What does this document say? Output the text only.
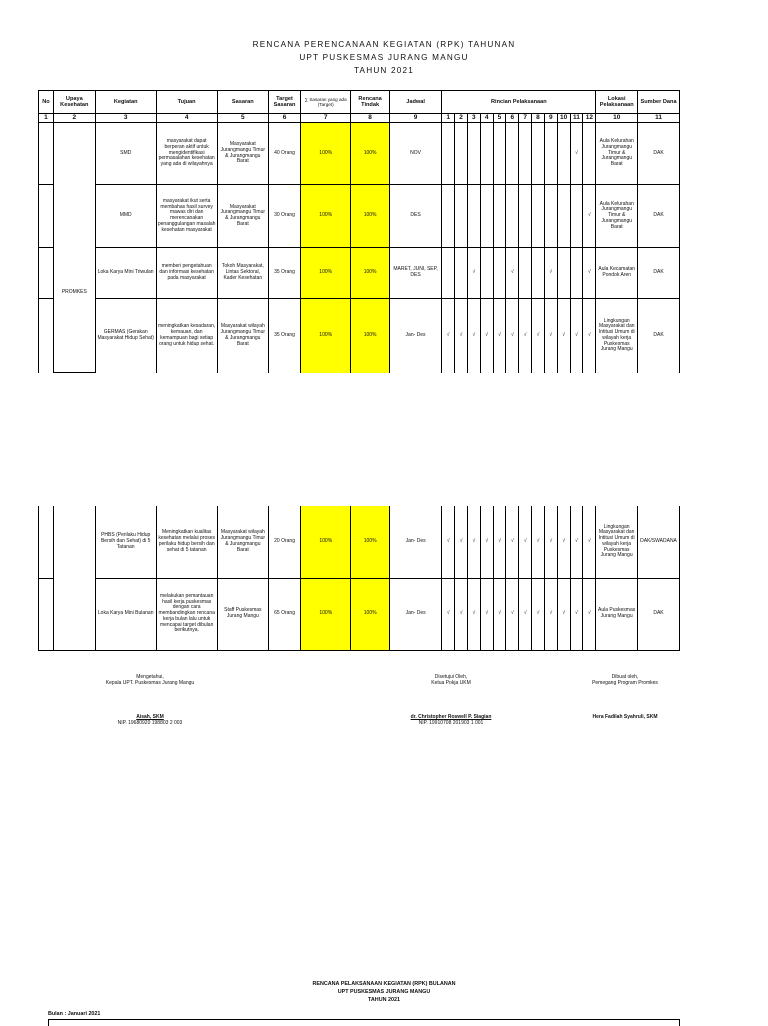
RENCANA PERENCANAAN KEGIATAN (RPK) TAHUNAN
UPT PUSKESMAS JURANG MANGU
TAHUN 2021
No	Upaya Kesehatan	Kegiatan	Tujuan	Sasaran	Target Sasaran	∑ Sasaran yang ada (Target)	Rencana Tindak	Jadwal	Rincian Pelaksanaan												Lokasi Pelaksanaan	Sumber Dana
1	2	3	4	5	6	7	8	9	1	2	3	4	5	6	7	8	9	10	11	12	10	11
	PROMKES	SMD	masyarakat dapat berperan aktif untuk mengidentifikasi permasalahan kesehatan yang ada di wilayahnya	Masyarakat Jurangmangu Timur & Jurangmangu Barat	40 Orang	100%	100%	NOV											√		Aula Kelurahan Jurangmangu Timur & Jurangmangu Barat	DAK
		MMD	masyarakat ikut serta membahas hasil survey mawas diri dan merencanakan penanggulangan masalah kesehatan masyarakat	Masyarakat Jurangmangu Timur & Jurangmangu Barat	30 Orang	100%	100%	DES												√	Aula Kelurahan Jurangmangu Timur & Jurangmangu Barat	DAK
		Loka Karya Mini Triwulan	memberi pengetahuan dan informasi kesehatan pada masyarakat	Tokoh Masyarakat, Lintas Sektoral, Kader Kesehatan	35 Orang	100%	100%	MARET, JUNI, SEP, DES			√			√			√			√	Aula Kecamatan Pondok Aren	DAK
		GERMAS (Gerakan Masyarakat Hidup Sehat)	meningkatkan kesadaran, kemauan, dan kemampuan bagi setiap orang untuk hidup sehat.	Masyarakat wilayah Jurangmangu Timur & Jurangmangu Barat	35 Orang	100%	100%	Jan- Des	√	√	√	√	√	√	√	√	√	√	√	√	Lingkungan Masyarakat dan Intitusi Umum di wilayah kerja Puskesmas Jurang Mangu	DAK
		PHBS (Perilaku Hidup Bersih dan Sehat) di 5 Tatanan	Meningkatkan kualitas kesehatan melalui proses perilaku hidup bersih dan sehat di 5 tatanan	Masyarakat wilayah Jurangmangu Timur & Jurangmangu Barat	20 Orang	100%	100%	Jan- Des	√	√	√	√	√	√	√	√	√	√	√	√	Lingkungan Masyarakat dan Intitusi Umum di wilayah kerja Puskesmas Jurang Mangu	DAK/SWADANA
		Loka Karya Mini Bulanan	melakukan pemantauan hasil kerja puskesmas dengan cara membandingkan rencana kerja bulan lalu untuk mencapai target dibulan berikutnya.	Staff Puskesmas Jurang Mangu	65 Orang	100%	100%	Jan- Des	√	√	√	√	√	√	√	√	√	√	√	√	Aula Puskesmas Jurang Mangu	DAK
Mengetahui,
Kepala UPT. Puskesmas Jurang Mangu
Aisah, SKM
NIP. 19680920 198803 2 003
Disetujui Oleh,
Ketua Pokja UKM
dr. Christopher Roswell P. Siagian
NIP. 19910708 201903 1 001
Dibuat oleh,
Pemegang Program Promkes
Hera Fadilah Syahruli, SKM
RENCANA PELAKSANAAN KEGIATAN (RPK) BULANAN
UPT PUSKESMAS JURANG MANGU
TAHUN 2021
Bulan : Januari 2021
